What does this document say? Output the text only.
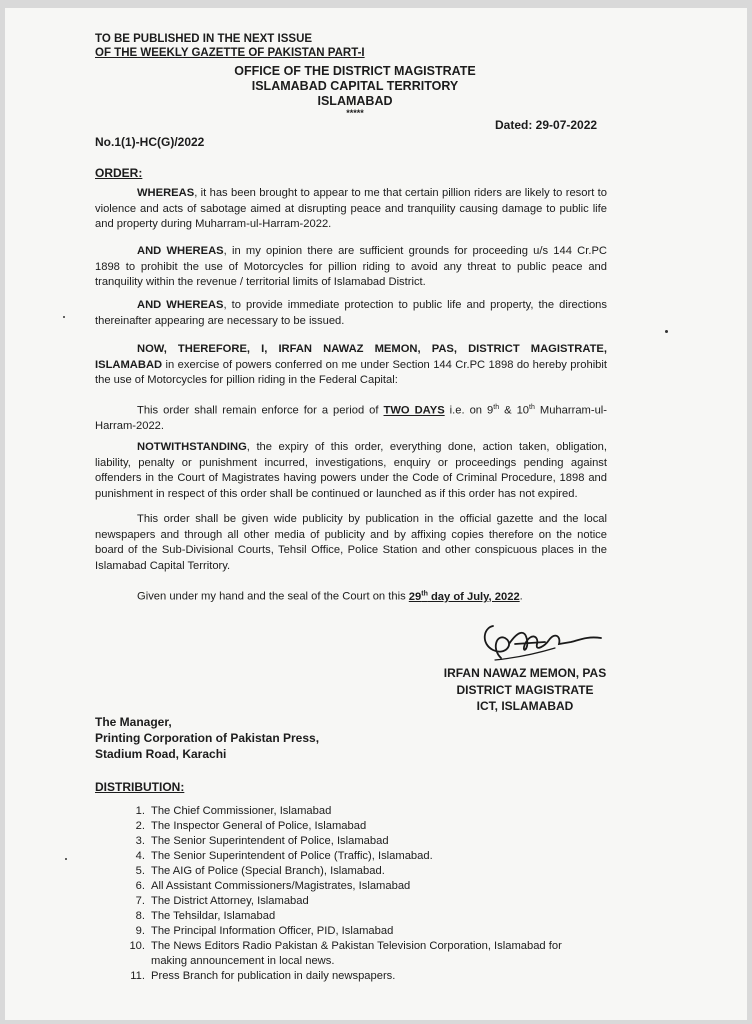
TO BE PUBLISHED IN THE NEXT ISSUE
OF THE WEEKLY GAZETTE OF PAKISTAN PART-I
OFFICE OF THE DISTRICT MAGISTRATE
ISLAMABAD CAPITAL TERRITORY
ISLAMABAD
*****
Dated: 29-07-2022
No.1(1)-HC(G)/2022
ORDER:
WHEREAS, it has been brought to appear to me that certain pillion riders are likely to resort to violence and acts of sabotage aimed at disrupting peace and tranquility causing damage to public life and property during Muharram-ul-Harram-2022.
AND WHEREAS, in my opinion there are sufficient grounds for proceeding u/s 144 Cr.PC 1898 to prohibit the use of Motorcycles for pillion riding to avoid any threat to public peace and tranquility within the revenue / territorial limits of Islamabad District.
AND WHEREAS, to provide immediate protection to public life and property, the directions thereinafter appearing are necessary to be issued.
NOW, THEREFORE, I, IRFAN NAWAZ MEMON, PAS, DISTRICT MAGISTRATE, ISLAMABAD in exercise of powers conferred on me under Section 144 Cr.PC 1898 do hereby prohibit the use of Motorcycles for pillion riding in the Federal Capital:
This order shall remain enforce for a period of TWO DAYS i.e. on 9th & 10th Muharram-ul-Harram-2022.
NOTWITHSTANDING, the expiry of this order, everything done, action taken, obligation, liability, penalty or punishment incurred, investigations, enquiry or proceedings pending against offenders in the Court of Magistrates having powers under the Code of Criminal Procedure, 1898 and punishment in respect of this order shall be continued or launched as if this order has not expired.
This order shall be given wide publicity by publication in the official gazette and the local newspapers and through all other media of publicity and by affixing copies therefore on the notice board of the Sub-Divisional Courts, Tehsil Office, Police Station and other conspicuous places in the Islamabad Capital Territory.
Given under my hand and the seal of the Court on this 29th day of July, 2022.
IRFAN NAWAZ MEMON, PAS
DISTRICT MAGISTRATE
ICT, ISLAMABAD
The Manager,
Printing Corporation of Pakistan Press,
Stadium Road, Karachi
DISTRIBUTION:
1. The Chief Commissioner, Islamabad
2. The Inspector General of Police, Islamabad
3. The Senior Superintendent of Police, Islamabad
4. The Senior Superintendent of Police (Traffic), Islamabad.
5. The AIG of Police (Special Branch), Islamabad.
6. All Assistant Commissioners/Magistrates, Islamabad
7. The District Attorney, Islamabad
8. The Tehsildar, Islamabad
9. The Principal Information Officer, PID, Islamabad
10. The News Editors Radio Pakistan & Pakistan Television Corporation, Islamabad for making announcement in local news.
11. Press Branch for publication in daily newspapers.
